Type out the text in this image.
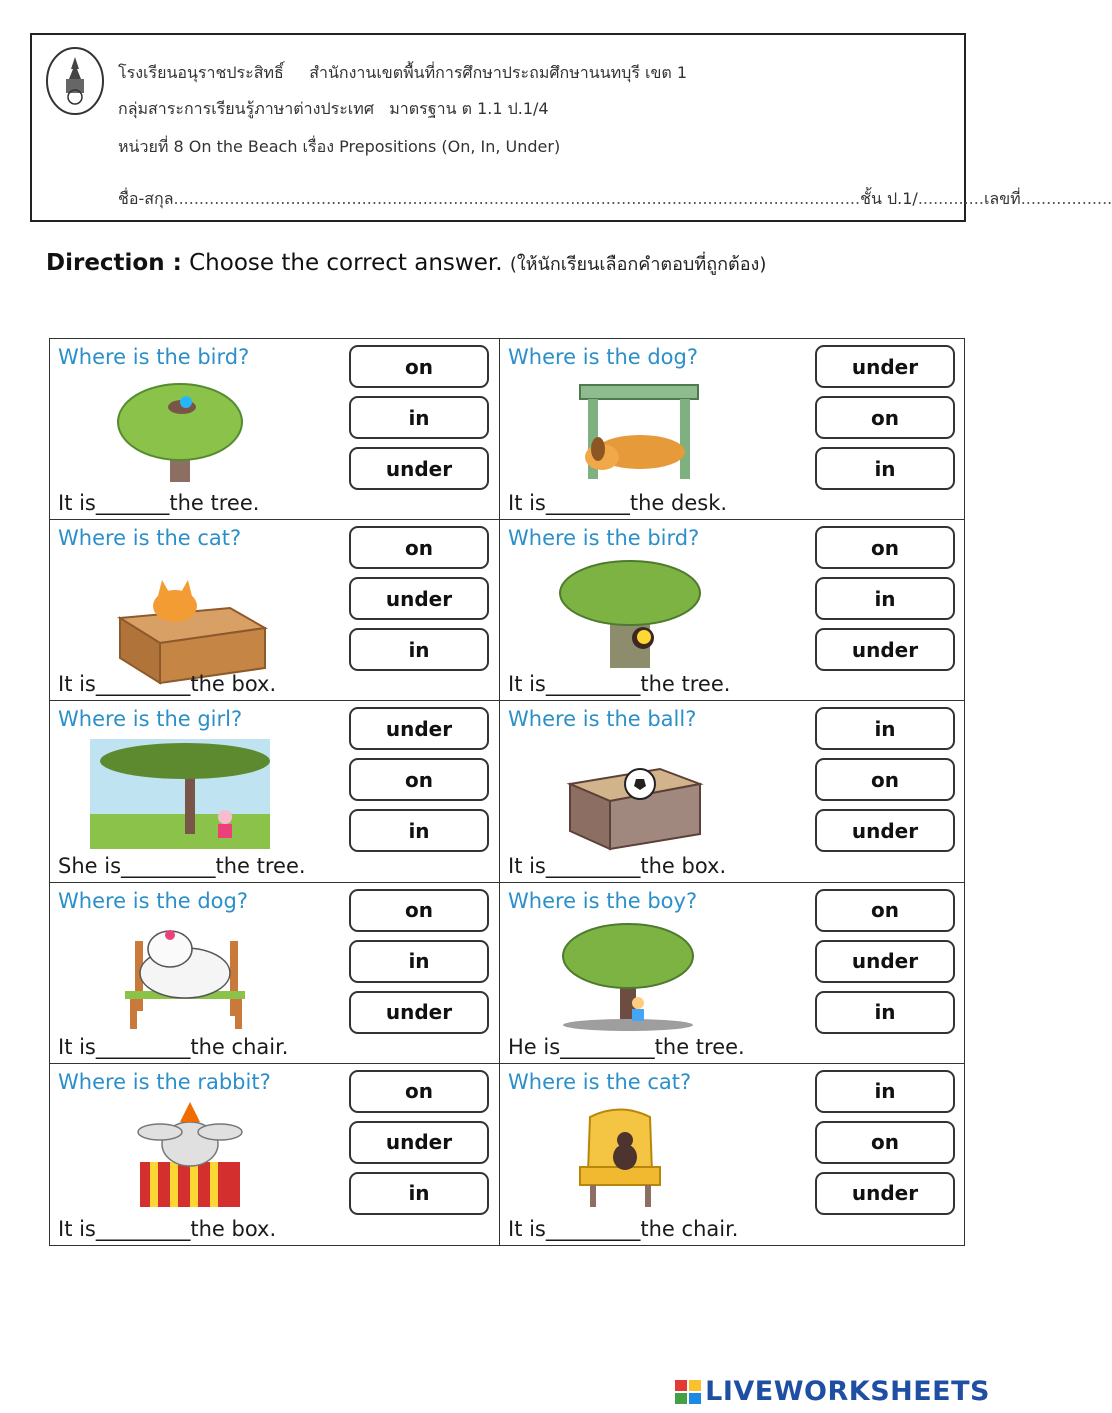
โรงเรียนอนุราชประสิทธิ์ สำนักงานเขตพื้นที่การศึกษาประถมศึกษานนทบุรี เขต 1
กลุ่มสาระการเรียนรู้ภาษาต่างประเทศ มาตรฐาน ต 1.1 ป.1/4
หน่วยที่ 8 On the Beach เรื่อง Prepositions (On, In, Under)
ชื่อ-สกุล.......................................................................................................................................ชั้น ป.1/.............เลขที่..................
Direction : Choose the correct answer. (ให้นักเรียนเลือกคำตอบที่ถูกต้อง)
Where is the bird?	on
in
under
It is_______the tree.
Where is the dog?	under
on
in
It is________the desk.
Where is the cat?	on
under
in
It is_________the box.
Where is the bird?	on
in
under
It is_________the tree.
Where is the girl?	under
on
in
She is_________the tree.
Where is the ball?	in
on
under
It is_________the box.
Where is the dog?	on
in
under
It is_________the chair.
Where is the boy?	on
under
in
He is_________the tree.
Where is the rabbit?	on
under
in
It is_________the box.
Where is the cat?	in
on
under
It is_________the chair.
LIVEWORKSHEETS
